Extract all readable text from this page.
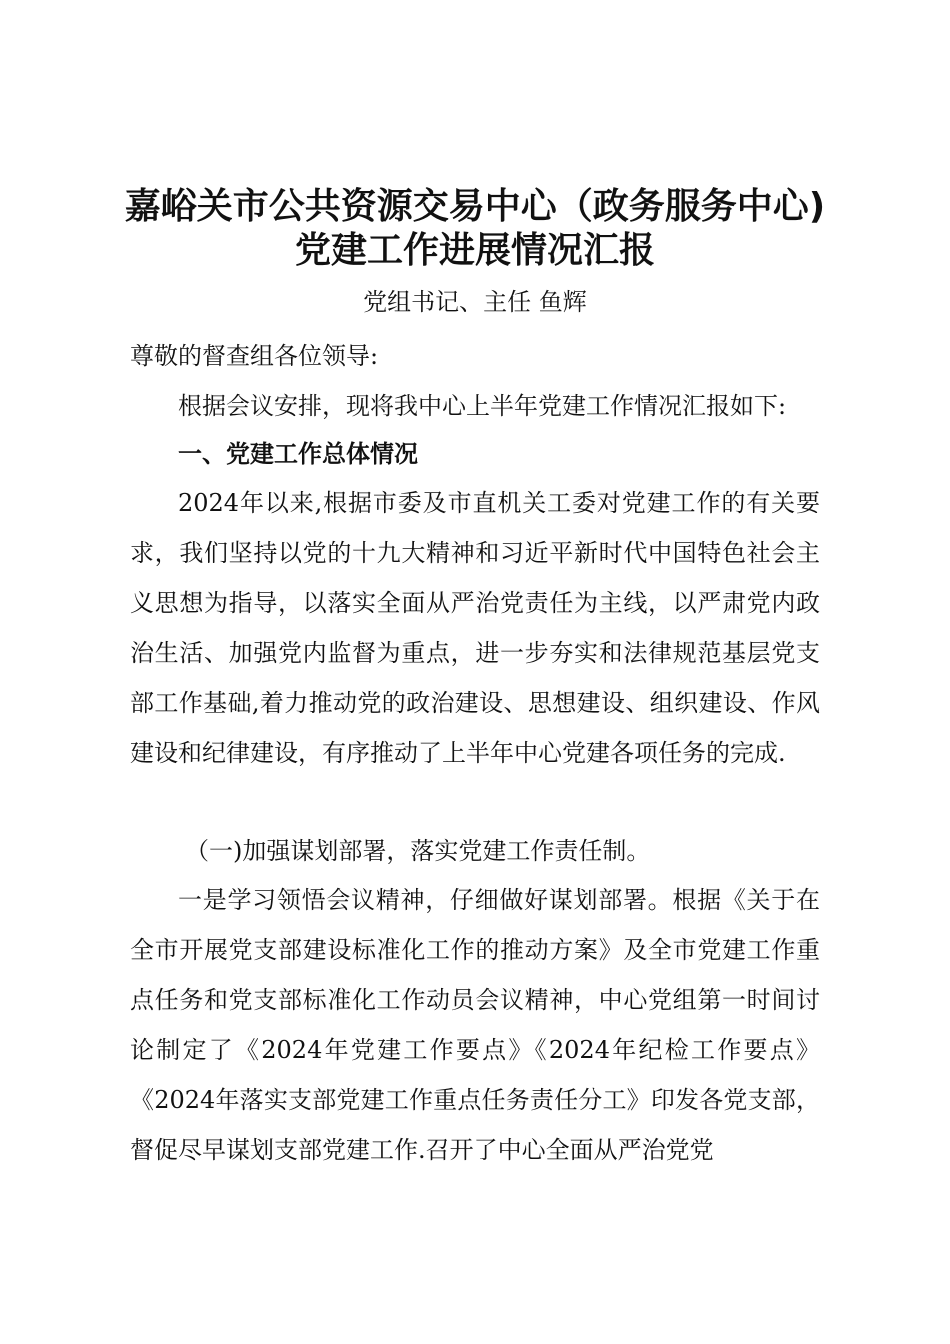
嘉峪关市公共资源交易中心（政务服务中心)
党建工作进展情况汇报
党组书记、主任 鱼辉
尊敬的督查组各位领导:
根据会议安排，现将我中心上半年党建工作情况汇报如下:
一、党建工作总体情况
2024年以来,根据市委及市直机关工委对党建工作的有关要求，我们坚持以党的十九大精神和习近平新时代中国特色社会主义思想为指导，以落实全面从严治党责任为主线，以严肃党内政治生活、加强党内监督为重点，进一步夯实和法律规范基层党支部工作基础,着力推动党的政治建设、思想建设、组织建设、作风建设和纪律建设，有序推动了上半年中心党建各项任务的完成.
（一)加强谋划部署，落实党建工作责任制。
一是学习领悟会议精神，仔细做好谋划部署。根据《关于在全市开展党支部建设标准化工作的推动方案》及全市党建工作重点任务和党支部标准化工作动员会议精神，中心党组第一时间讨论制定了《2024年党建工作要点》《2024年纪检工作要点》《2024年落实支部党建工作重点任务责任分工》印发各党支部，督促尽早谋划支部党建工作.召开了中心全面从严治党党
